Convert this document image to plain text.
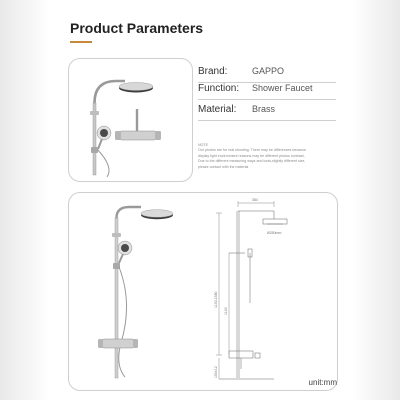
Product Parameters
Brand:	GAPPO
Function: Shower Faucet
Material: Brass

NOTE

Our photos are for real shooting. There may be differences because

display light environment reasons may be different photos contrast,

Due to the different measuring ways and tools,slightly different size,

please contact with the material

384
Ø250mm
1130-1580
1140
150±12
unit:mm
